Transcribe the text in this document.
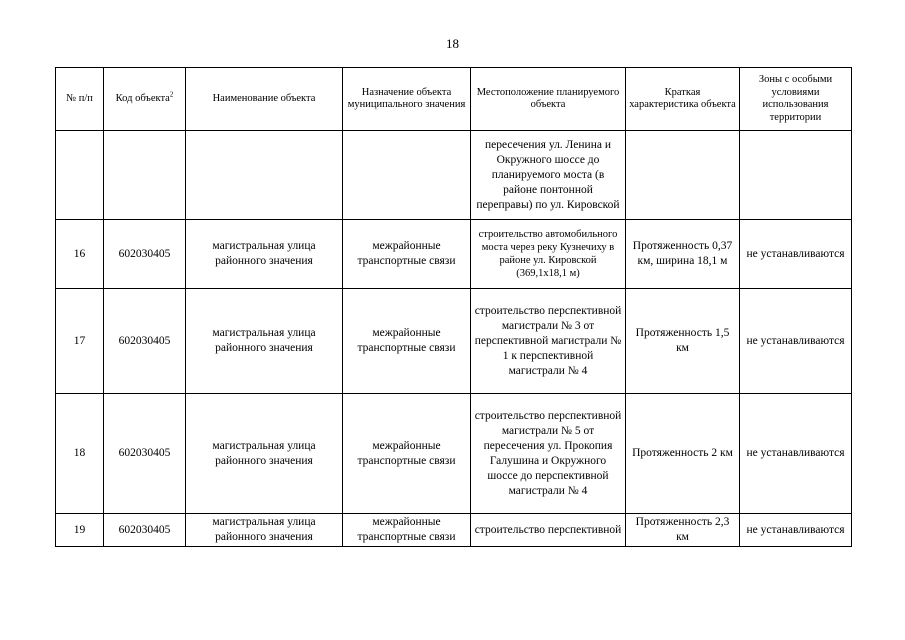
18
№ п/п	Код объекта$^2$	Наименование объекта	Назначение объекта муниципального значения	Местоположение планируемого объекта	Краткая характеристика объекта	Зоны с особыми условиями использования территории
				пересечения ул. Ленина и Окружного шоссе до планируемого моста (в районе понтонной переправы) по ул. Кировской		
16	602030405	магистральная улица районного значения	межрайонные транспортные связи	строительство автомобильного моста через реку Кузнечиху в районе ул. Кировской (369,1х18,1 м)	Протяженность 0,37 км, ширина 18,1 м	не устанавливаются
17	602030405	магистральная улица районного значения	межрайонные транспортные связи	строительство перспективной магистрали № 3 от перспективной магистрали № 1 к перспективной магистрали № 4	Протяженность 1,5 км	не устанавливаются
18	602030405	магистральная улица районного значения	межрайонные транспортные связи	строительство перспективной магистрали № 5 от пересечения ул. Прокопия Галушина и Окружного шоссе до перспективной магистрали № 4	Протяженность 2 км	не устанавливаются
19	602030405	магистральная улица районного значения	межрайонные транспортные связи	строительство перспективной	Протяженность 2,3 км	не устанавливаются
